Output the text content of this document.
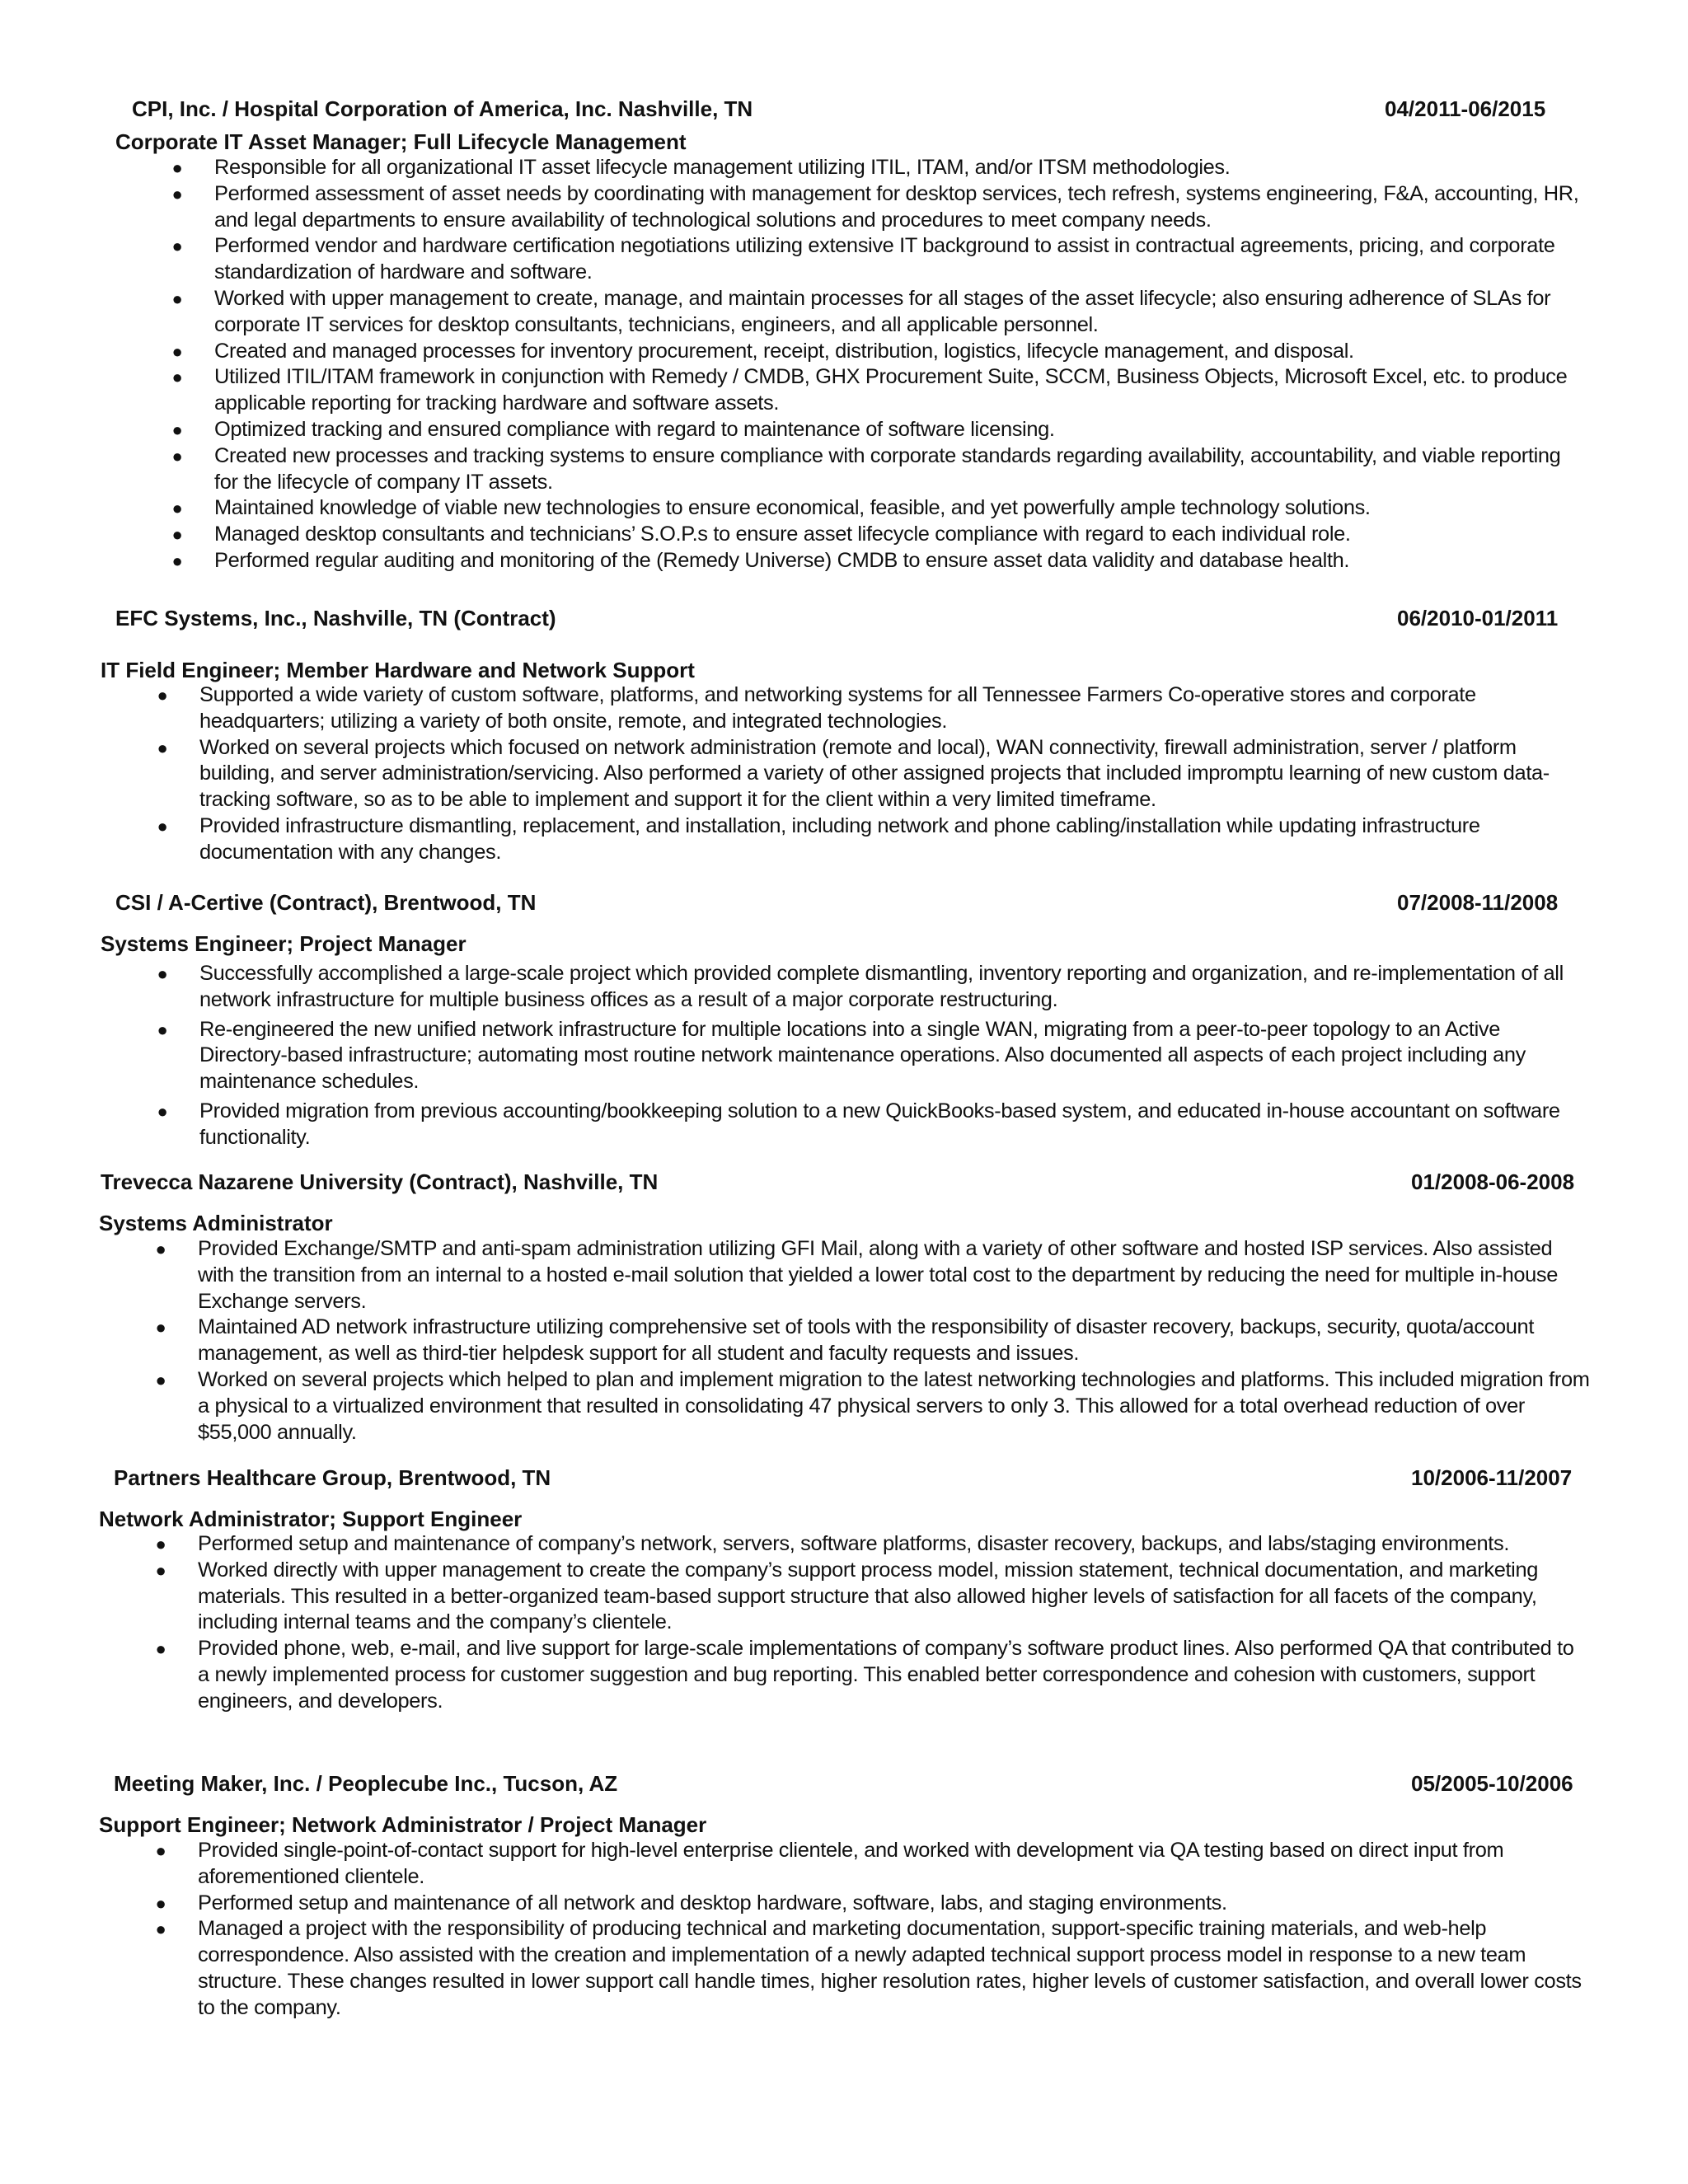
CPI, Inc. / Hospital Corporation of America, Inc. Nashville, TN	04/2011-06/2015
Corporate IT Asset Manager; Full Lifecycle Management
●	Responsible for all organizational IT asset lifecycle management utilizing ITIL, ITAM, and/or ITSM methodologies.
●	Performed assessment of asset needs by coordinating with management for desktop services, tech refresh, systems engineering, F&A, accounting, HR, and legal departments to ensure availability of technological solutions and procedures to meet company needs.
●	Performed vendor and hardware certification negotiations utilizing extensive IT background to assist in contractual agreements, pricing, and corporate standardization of hardware and software.
●	Worked with upper management to create, manage, and maintain processes for all stages of the asset lifecycle; also ensuring adherence of SLAs for corporate IT services for desktop consultants, technicians, engineers, and all applicable personnel.
●	Created and managed processes for inventory procurement, receipt, distribution, logistics, lifecycle management, and disposal.
●	Utilized ITIL/ITAM framework in conjunction with Remedy / CMDB, GHX Procurement Suite, SCCM, Business Objects, Microsoft Excel, etc. to produce applicable reporting for tracking hardware and software assets.
●	Optimized tracking and ensured compliance with regard to maintenance of software licensing.
●	Created new processes and tracking systems to ensure compliance with corporate standards regarding availability, accountability, and viable reporting for the lifecycle of company IT assets.
●	Maintained knowledge of viable new technologies to ensure economical, feasible, and yet powerfully ample technology solutions.
●	Managed desktop consultants and technicians’ S.O.P.s to ensure asset lifecycle compliance with regard to each individual role.
●	Performed regular auditing and monitoring of the (Remedy Universe) CMDB to ensure asset data validity and database health.
EFC Systems, Inc., Nashville, TN (Contract)	06/2010-01/2011
IT Field Engineer; Member Hardware and Network Support
●	Supported a wide variety of custom software, platforms, and networking systems for all Tennessee Farmers Co-operative stores and corporate headquarters; utilizing a variety of both onsite, remote, and integrated technologies.
●	Worked on several projects which focused on network administration (remote and local), WAN connectivity, firewall administration, server / platform building, and server administration/servicing. Also performed a variety of other assigned projects that included impromptu learning of new custom data-tracking software, so as to be able to implement and support it for the client within a very limited timeframe.
●	Provided infrastructure dismantling, replacement, and installation, including network and phone cabling/installation while updating infrastructure documentation with any changes.
CSI / A-Certive (Contract), Brentwood, TN	07/2008-11/2008
Systems Engineer; Project Manager
●	Successfully accomplished a large-scale project which provided complete dismantling, inventory reporting and organization, and re-implementation of all network infrastructure for multiple business offices as a result of a major corporate restructuring.
●	Re-engineered the new unified network infrastructure for multiple locations into a single WAN, migrating from a peer-to-peer topology to an Active Directory-based infrastructure; automating most routine network maintenance operations. Also documented all aspects of each project including any maintenance schedules.
●	Provided migration from previous accounting/bookkeeping solution to a new QuickBooks-based system, and educated in-house accountant on software functionality.
Trevecca Nazarene University (Contract), Nashville, TN	01/2008-06-2008
Systems Administrator
●	Provided Exchange/SMTP and anti-spam administration utilizing GFI Mail, along with a variety of other software and hosted ISP services. Also assisted with the transition from an internal to a hosted e-mail solution that yielded a lower total cost to the department by reducing the need for multiple in-house Exchange servers.
●	Maintained AD network infrastructure utilizing comprehensive set of tools with the responsibility of disaster recovery, backups, security, quota/account management, as well as third-tier helpdesk support for all student and faculty requests and issues.
●	Worked on several projects which helped to plan and implement migration to the latest networking technologies and platforms. This included migration from a physical to a virtualized environment that resulted in consolidating 47 physical servers to only 3. This allowed for a total overhead reduction of over $55,000 annually.
Partners Healthcare Group, Brentwood, TN	10/2006-11/2007
Network Administrator; Support Engineer
●	Performed setup and maintenance of company’s network, servers, software platforms, disaster recovery, backups, and labs/staging environments.
●	Worked directly with upper management to create the company’s support process model, mission statement, technical documentation, and marketing materials. This resulted in a better-organized team-based support structure that also allowed higher levels of satisfaction for all facets of the company, including internal teams and the company’s clientele.
●	Provided phone, web, e-mail, and live support for large-scale implementations of company’s software product lines. Also performed QA that contributed to a newly implemented process for customer suggestion and bug reporting. This enabled better correspondence and cohesion with customers, support engineers, and developers.
Meeting Maker, Inc. / Peoplecube Inc., Tucson, AZ	05/2005-10/2006
Support Engineer; Network Administrator / Project Manager
●	Provided single-point-of-contact support for high-level enterprise clientele, and worked with development via QA testing based on direct input from aforementioned clientele.
●	Performed setup and maintenance of all network and desktop hardware, software, labs, and staging environments.
●	Managed a project with the responsibility of producing technical and marketing documentation, support-specific training materials, and web-help correspondence. Also assisted with the creation and implementation of a newly adapted technical support process model in response to a new team structure. These changes resulted in lower support call handle times, higher resolution rates, higher levels of customer satisfaction, and overall lower costs to the company.
